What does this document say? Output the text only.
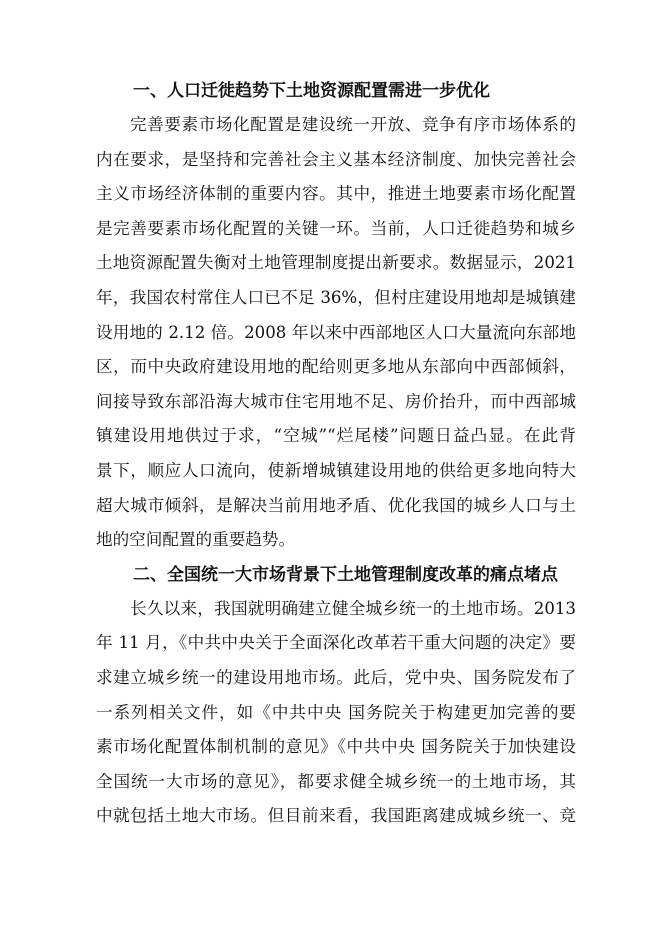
一、人口迁徙趋势下土地资源配置需进一步优化
完善要素市场化配置是建设统一开放、竞争有序市场体系的
内在要求，是坚持和完善社会主义基本经济制度、加快完善社会
主义市场经济体制的重要内容。其中，推进土地要素市场化配置
是完善要素市场化配置的关键一环。当前，人口迁徙趋势和城乡
土地资源配置失衡对土地管理制度提出新要求。数据显示，2021
年，我国农村常住人口已不足 36%，但村庄建设用地却是城镇建
设用地的 2.12 倍。2008 年以来中西部地区人口大量流向东部地
区，而中央政府建设用地的配给则更多地从东部向中西部倾斜，
间接导致东部沿海大城市住宅用地不足、房价抬升，而中西部城
镇建设用地供过于求，“空城”“烂尾楼”问题日益凸显。在此背
景下，顺应人口流向，使新增城镇建设用地的供给更多地向特大
超大城市倾斜，是解决当前用地矛盾、优化我国的城乡人口与土
地的空间配置的重要趋势。
二、全国统一大市场背景下土地管理制度改革的痛点堵点
长久以来，我国就明确建立健全城乡统一的土地市场。2013
年 11 月，《中共中央关于全面深化改革若干重大问题的决定》要
求建立城乡统一的建设用地市场。此后，党中央、国务院发布了
一系列相关文件，如《中共中央 国务院关于构建更加完善的要
素市场化配置体制机制的意见》《中共中央 国务院关于加快建设
全国统一大市场的意见》，都要求健全城乡统一的土地市场，其
中就包括土地大市场。但目前来看，我国距离建成城乡统一、竞
